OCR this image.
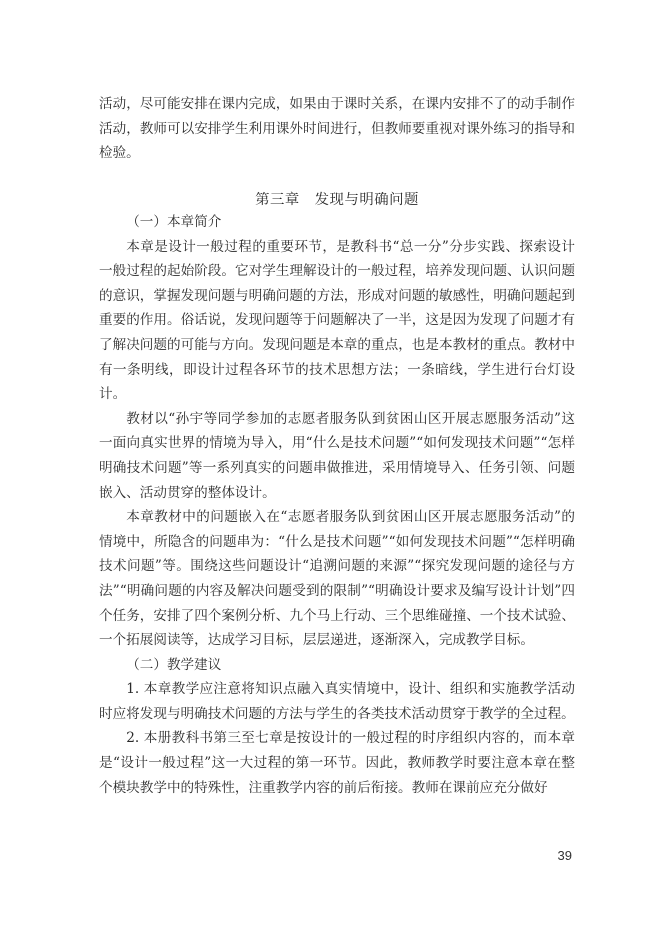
活动，尽可能安排在课内完成，如果由于课时关系，在课内安排不了的动手制作活动，教师可以安排学生利用课外时间进行，但教师要重视对课外练习的指导和检验。

第三章　发现与明确问题

（一）本章简介

本章是设计一般过程的重要环节，是教科书“总一分”分步实践、探索设计一般过程的起始阶段。它对学生理解设计的一般过程，培养发现问题、认识问题的意识，掌握发现问题与明确问题的方法，形成对问题的敏感性，明确问题起到重要的作用。俗话说，发现问题等于问题解决了一半，这是因为发现了问题才有了解决问题的可能与方向。发现问题是本章的重点，也是本教材的重点。教材中有一条明线，即设计过程各环节的技术思想方法；一条暗线，学生进行台灯设计。

教材以“孙宇等同学参加的志愿者服务队到贫困山区开展志愿服务活动”这一面向真实世界的情境为导入，用“什么是技术问题”“如何发现技术问题”“怎样明确技术问题”等一系列真实的问题串做推进，采用情境导入、任务引领、问题嵌入、活动贯穿的整体设计。

本章教材中的问题嵌入在“志愿者服务队到贫困山区开展志愿服务活动”的情境中，所隐含的问题串为：“什么是技术问题”“如何发现技术问题”“怎样明确技术问题”等。围绕这些问题设计“追溯问题的来源”“探究发现问题的途径与方法”“明确问题的内容及解决问题受到的限制”“明确设计要求及编写设计计划”四个任务，安排了四个案例分析、九个马上行动、三个思维碰撞、一个技术试验、一个拓展阅读等，达成学习目标，层层递进，逐渐深入，完成教学目标。

（二）教学建议

1. 本章教学应注意将知识点融入真实情境中，设计、组织和实施教学活动时应将发现与明确技术问题的方法与学生的各类技术活动贯穿于教学的全过程。

2. 本册教科书第三至七章是按设计的一般过程的时序组织内容的，而本章是“设计一般过程”这一大过程的第一环节。因此，教师教学时要注意本章在整个模块教学中的特殊性，注重教学内容的前后衔接。教师在课前应充分做好

39
